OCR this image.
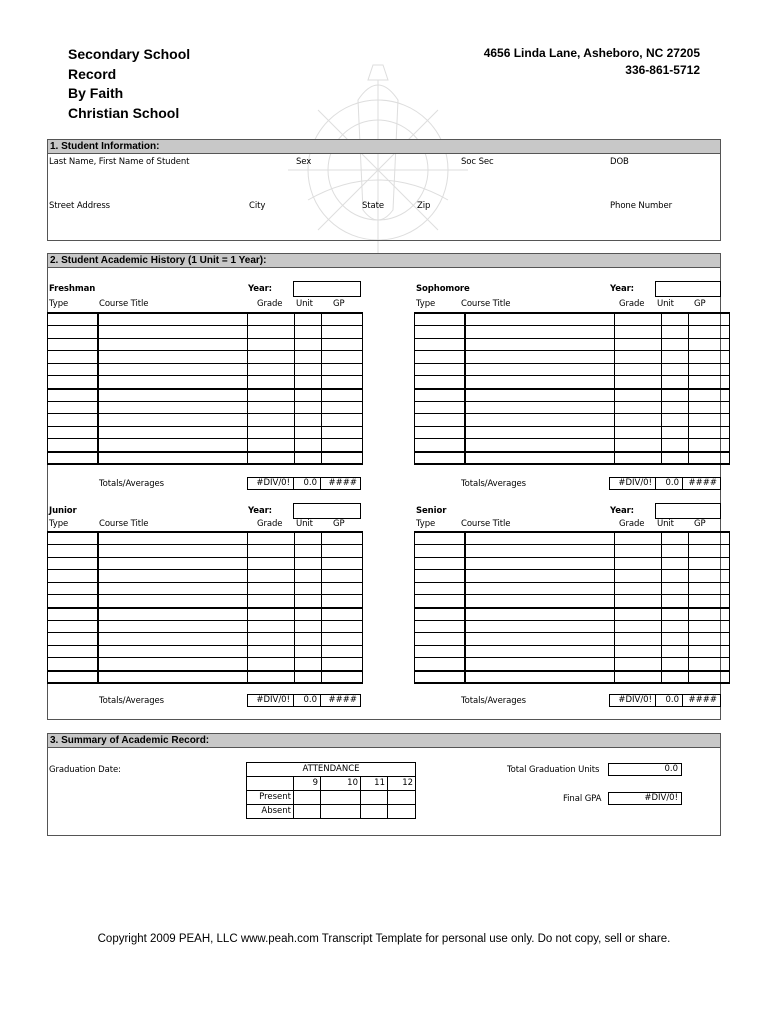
Secondary School
Record
By Faith
Christian School
4656 Linda Lane, Asheboro, NC 27205
336-861-5712
1. Student Information:
Last Name, First Name of Student	Sex	Soc Sec	DOB
Street Address	City	State	Zip	Phone Number
2. Student Academic History (1 Unit = 1 Year):
Freshman	Year:
Type	Course Title	Grade Unit GP

Totals/Averages	#DIV/0!	0.0	####
Sophomore	Year:
Type	Course Title	Grade Unit GP

Totals/Averages	#DIV/0!	0.0	####
Junior	Year:
Type	Course Title	Grade Unit GP

Totals/Averages	#DIV/0!	0.0	####
Senior	Year:
Type	Course Title	Grade Unit GP

Totals/Averages	#DIV/0!	0.0	####
3. Summary of Academic Record:
Graduation Date:	ATTENDANCE				
	9	10	11	12
Present				
Absent				
Total Graduation Units	0.0
Final GPA	#DIV/0!
Copyright 2009 PEAH, LLC www.peah.com Transcript Template for personal use only. Do not copy, sell or share.
